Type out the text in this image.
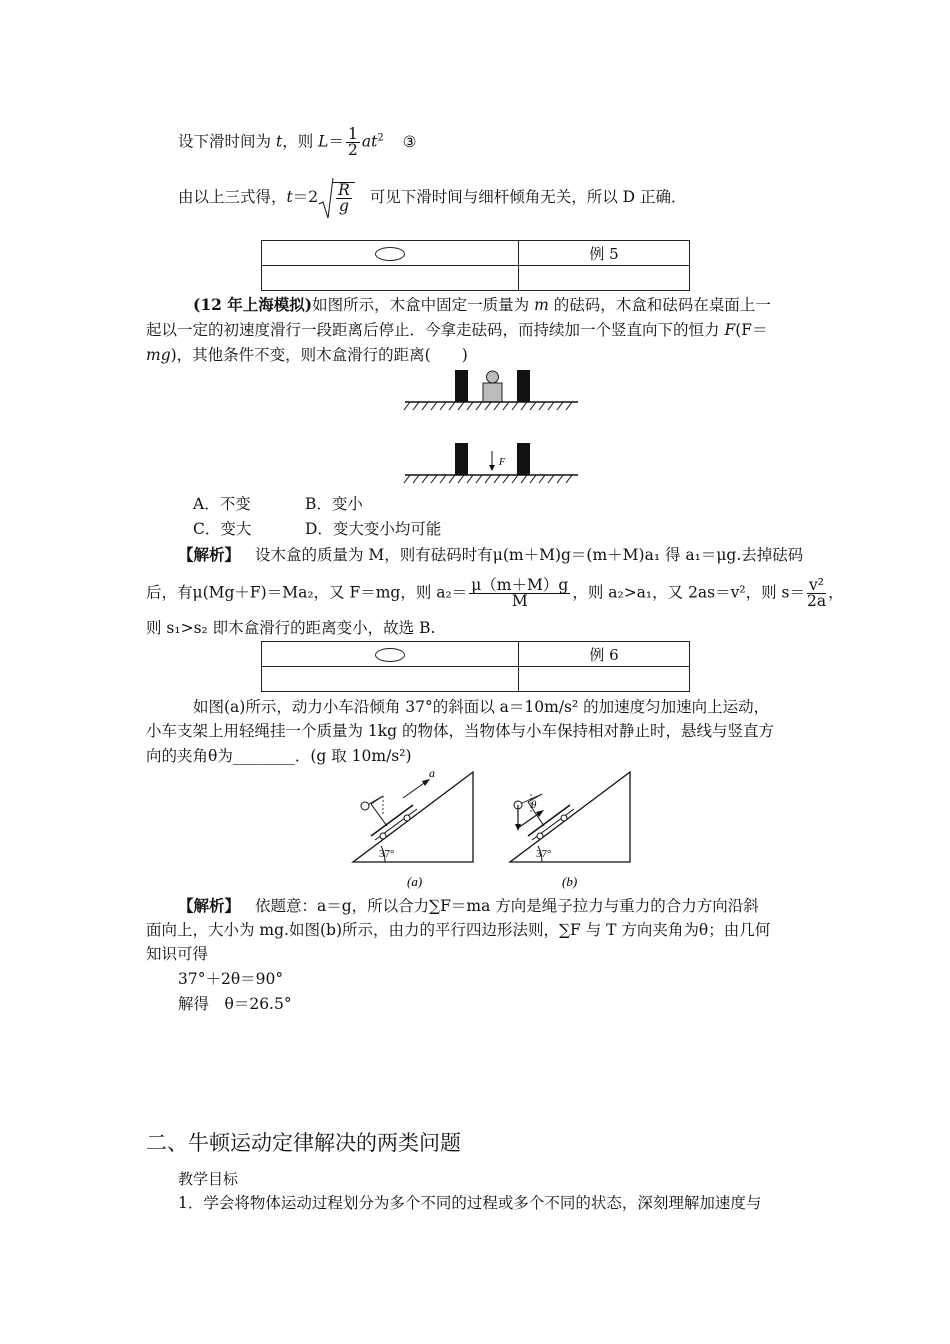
设下滑时间为 t，则 $L= \frac{1}{2} at^2$ ③
由以上三式得，$t=2 \frac{R}{g}$ 可见下滑时间与细杆倾角无关，所以 D 正确．
	例 5

(12 年上海模拟)如图所示，木盒中固定一质量为 m 的砝码，木盒和砝码在桌面上一
起以一定的初速度滑行一段距离后停止．今拿走砝码，而持续加一个竖直向下的恒力 F(F＝
mg)，其他条件不变，则木盒滑行的距离(　　)
F
A．不变	B．变小
C．变大	D．变大变小均可能
【解析】 设木盒的质量为 M，则有砝码时有μ(m＋M)g＝(m＋M)a₁ 得 a₁＝μg.去掉砝码
后，有μ(Mg＋F)＝Ma₂，又 F＝mg，则 $a_2= \frac{\mu(m+M)g}{M}$ ，则 a₂>a₁，又 2as＝v²，则 $s= \frac{\text{v²}}{2a}$ ，
则 s₁>s₂ 即木盒滑行的距离变小，故选 B.
	例 6

如图(a)所示，动力小车沿倾角 37°的斜面以 a＝10m/s² 的加速度匀加速向上运动，
小车支架上用轻绳挂一个质量为 1kg 的物体，当物体与小车保持相对静止时，悬线与竖直方
向的夹角θ为________．(g 取 10m/s²)
37°
a
37°
θ
(a)	(b)
【解析】 依题意：a＝g，所以合力∑F＝ma 方向是绳子拉力与重力的合力方向沿斜
面向上，大小为 mg.如图(b)所示，由力的平行四边形法则，∑F 与 T 方向夹角为θ；由几何
知识可得
37°＋2θ＝90°
解得　θ＝26.5°
二、牛顿运动定律解决的两类问题
教学目标
1．学会将物体运动过程划分为多个不同的过程或多个不同的状态，深刻理解加速度与
